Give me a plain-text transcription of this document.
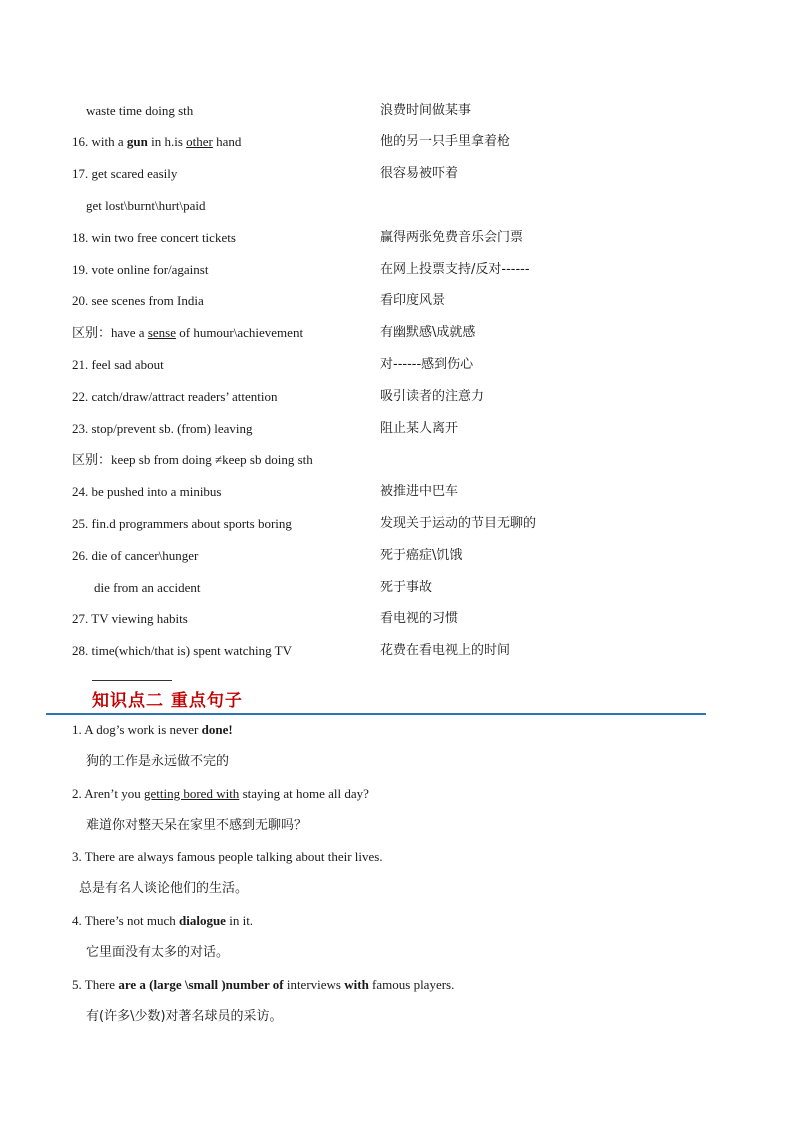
waste time doing sth	浪费时间做某事
16. with a gun in h.is other hand	他的另一只手里拿着枪
17. get scared easily	很容易被吓着
get lost\burnt\hurt\paid
18. win two free concert tickets	赢得两张免费音乐会门票
19. vote online for/against	在网上投票支持/反对------
20. see scenes from India	看印度风景
区别：have a sense of humour\achievement	有幽默感\成就感
21. feel sad about	对------感到伤心
22. catch/draw/attract readers’ attention	吸引读者的注意力
23. stop/prevent sb. (from) leaving	阻止某人离开
区别：keep sb from doing ≠keep sb doing sth
24. be pushed into a minibus	被推进中巴车
25. fin.d programmers about sports boring	发现关于运动的节目无聊的
26. die of cancer\hunger	死于癌症\饥饿
die from an accident	死于事故
27. TV viewing habits	看电视的习惯
28. time(which/that is) spent watching TV	花费在看电视上的时间
知识点二 重点句子
1. A dog’s work is never done!
狗的工作是永远做不完的
2. Aren’t you getting bored with staying at home all day?
难道你对整天呆在家里不感到无聊吗？
3. There are always famous people talking about their lives.
总是有名人谈论他们的生活。
4. There’s not much dialogue in it.
它里面没有太多的对话。
5. There are a (large \small )number of interviews with famous players.
有(许多\少数)对著名球员的采访。
